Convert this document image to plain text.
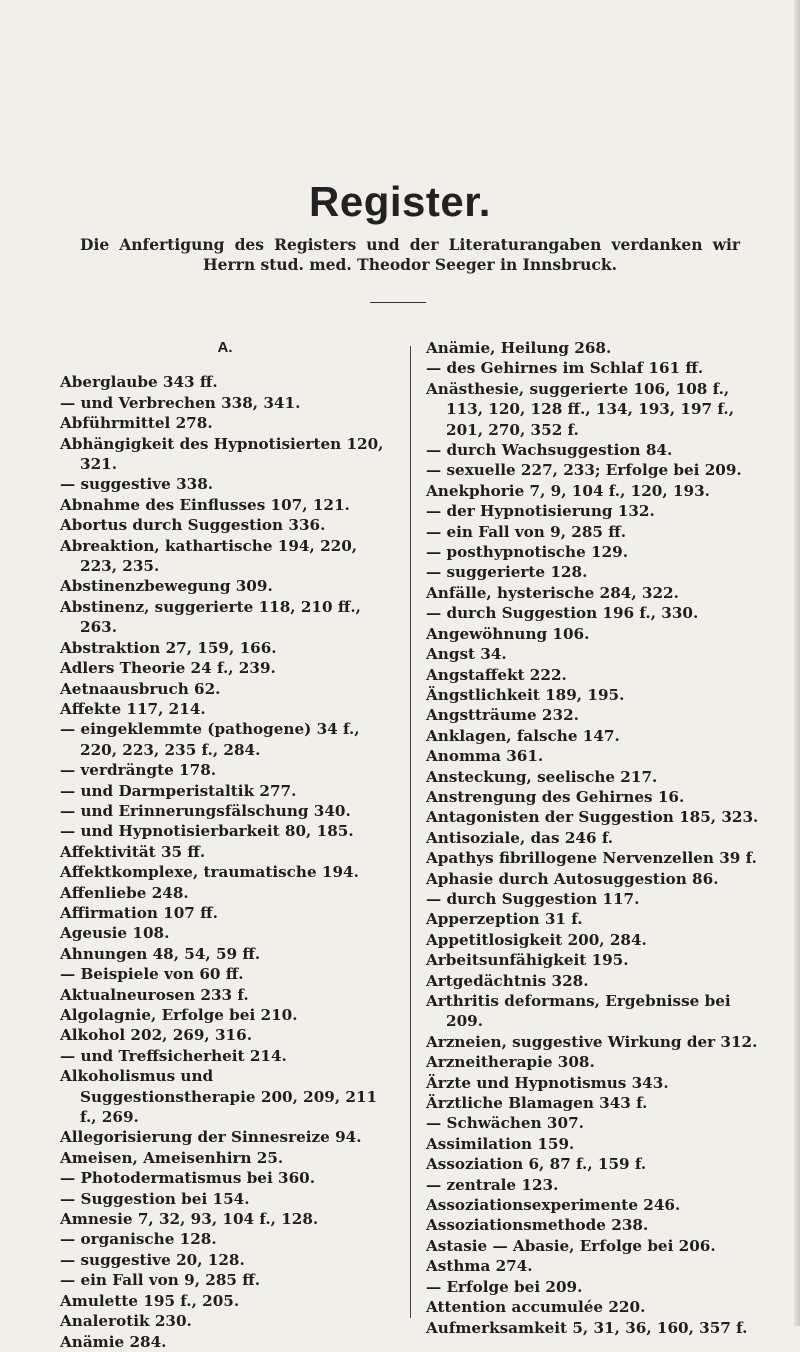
Register.
Die Anfertigung des Registers und der Literaturangaben verdanken wir Herrn stud. med. Theodor Seeger in Innsbruck.
A.

Aberglaube 343 ff.

— und Verbrechen 338, 341.

Abführmittel 278.

Abhängigkeit des Hypnotisierten 120, 321.

— suggestive 338.

Abnahme des Einflusses 107, 121.

Abortus durch Suggestion 336.

Abreaktion, kathartische 194, 220, 223, 235.

Abstinenzbewegung 309.

Abstinenz, suggerierte 118, 210 ff., 263.

Abstraktion 27, 159, 166.

Adlers Theorie 24 f., 239.

Aetnaausbruch 62.

Affekte 117, 214.

— eingeklemmte (pathogene) 34 f., 220, 223, 235 f., 284.

— verdrängte 178.

— und Darmperistaltik 277.

— und Erinnerungsfälschung 340.

— und Hypnotisierbarkeit 80, 185.

Affektivität 35 ff.

Affektkomplexe, traumatische 194.

Affenliebe 248.

Affirmation 107 ff.

Ageusie 108.

Ahnungen 48, 54, 59 ff.

— Beispiele von 60 ff.

Aktualneurosen 233 f.

Algolagnie, Erfolge bei 210.

Alkohol 202, 269, 316.

— und Treffsicherheit 214.

Alkoholismus und Suggestionstherapie 200, 209, 211 f., 269.

Allegorisierung der Sinnesreize 94.

Ameisen, Ameisenhirn 25.

— Photodermatismus bei 360.

— Suggestion bei 154.

Amnesie 7, 32, 93, 104 f., 128.

— organische 128.

— suggestive 20, 128.

— ein Fall von 9, 285 ff.

Amulette 195 f., 205.

Analerotik 230.

Anämie 284.

Anämie, Heilung 268.

— des Gehirnes im Schlaf 161 ff.

Anästhesie, suggerierte 106, 108 f., 113, 120, 128 ff., 134, 193, 197 f., 201, 270, 352 f.

— durch Wachsuggestion 84.

— sexuelle 227, 233; Erfolge bei 209.

Anekphorie 7, 9, 104 f., 120, 193.

— der Hypnotisierung 132.

— ein Fall von 9, 285 ff.

— posthypnotische 129.

— suggerierte 128.

Anfälle, hysterische 284, 322.

— durch Suggestion 196 f., 330.

Angewöhnung 106.

Angst 34.

Angstaffekt 222.

Ängstlichkeit 189, 195.

Angstträume 232.

Anklagen, falsche 147.

Anomma 361.

Ansteckung, seelische 217.

Anstrengung des Gehirnes 16.

Antagonisten der Suggestion 185, 323.

Antisoziale, das 246 f.

Apathys fibrillogene Nervenzellen 39 f.

Aphasie durch Autosuggestion 86.

— durch Suggestion 117.

Apperzeption 31 f.

Appetitlosigkeit 200, 284.

Arbeitsunfähigkeit 195.

Artgedächtnis 328.

Arthritis deformans, Ergebnisse bei 209.

Arzneien, suggestive Wirkung der 312.

Arzneitherapie 308.

Ärzte und Hypnotismus 343.

Ärztliche Blamagen 343 f.

— Schwächen 307.

Assimilation 159.

Assoziation 6, 87 f., 159 f.

— zentrale 123.

Assoziationsexperimente 246.

Assoziationsmethode 238.

Astasie — Abasie, Erfolge bei 206.

Asthma 274.

— Erfolge bei 209.

Attention accumulée 220.

Aufmerksamkeit 5, 31, 36, 160, 357 f.
